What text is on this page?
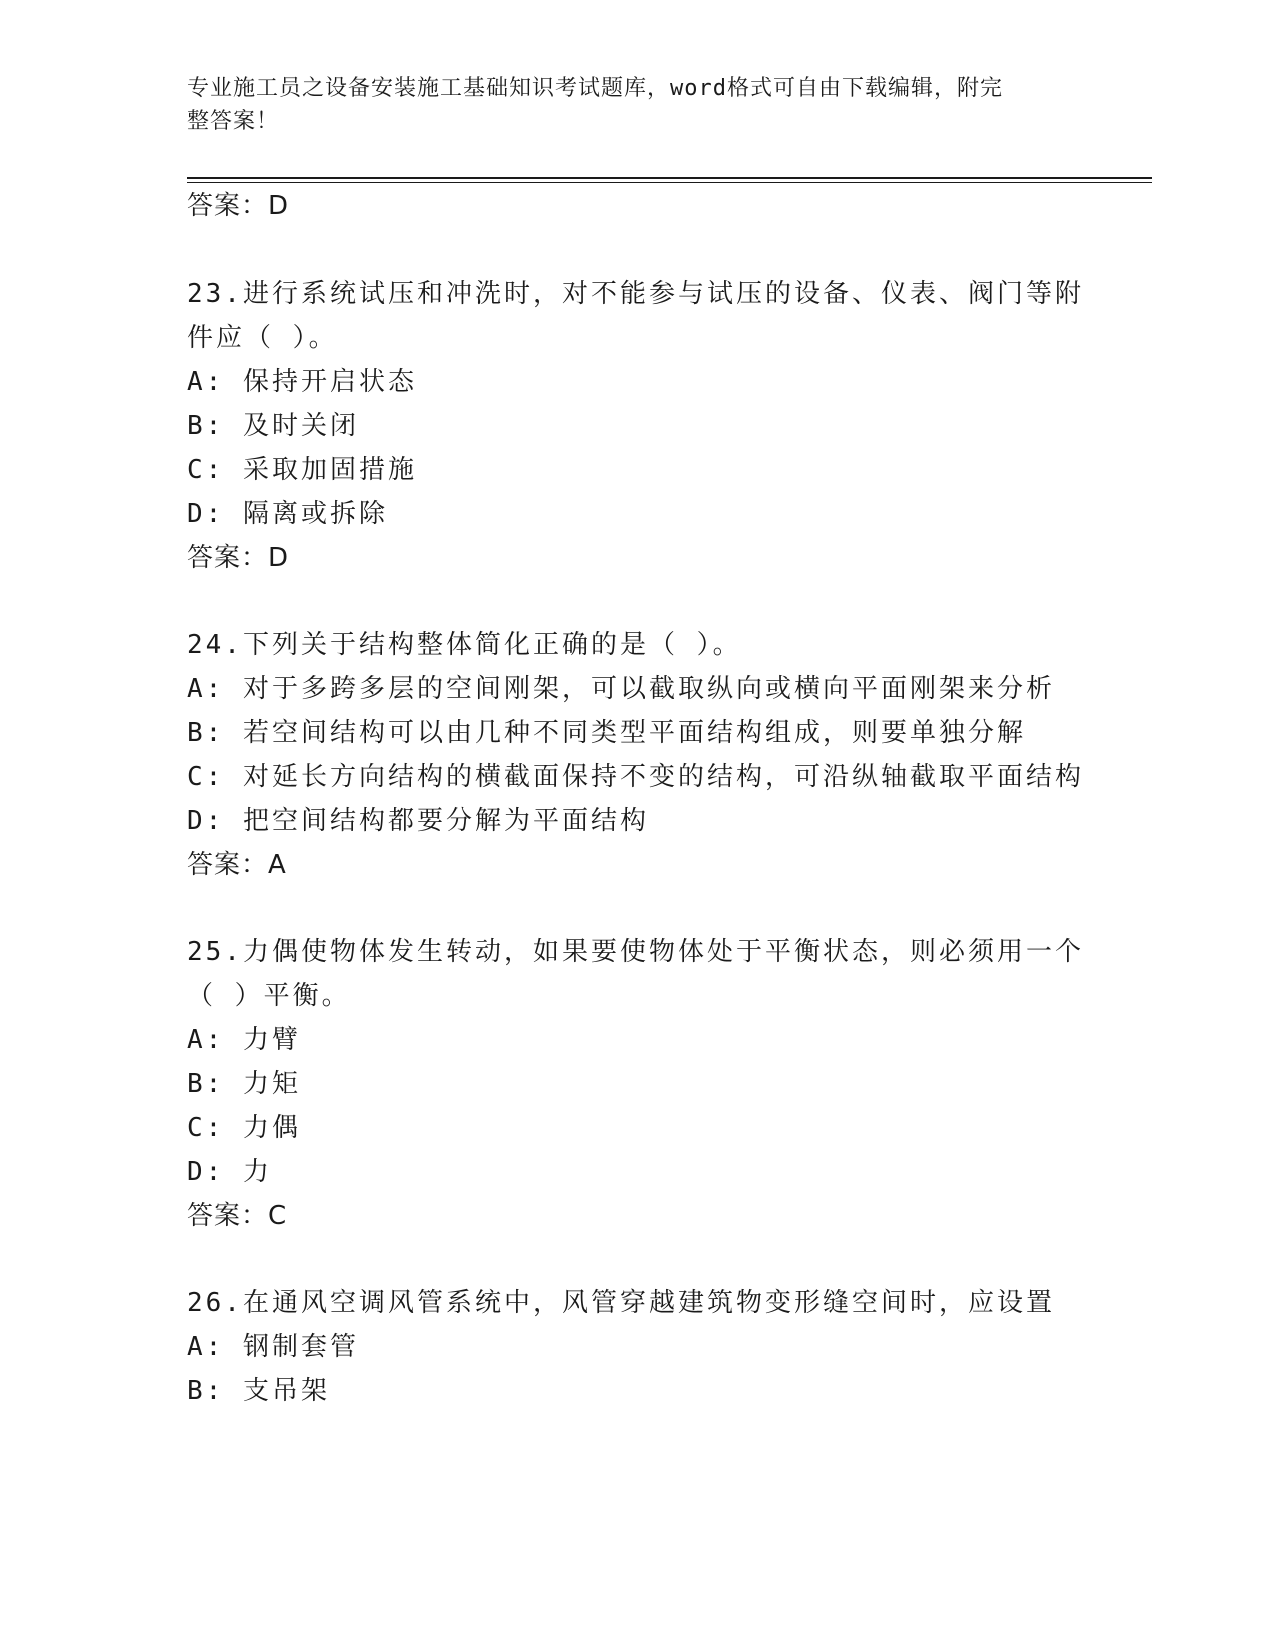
专业施工员之设备安装施工基础知识考试题库，word格式可自由下载编辑，附完
整答案！
答案：D
23.进行系统试压和冲洗时，对不能参与试压的设备、仪表、阀门等附
件应（ ）。
A: 保持开启状态
B: 及时关闭
C: 采取加固措施
D: 隔离或拆除
答案：D
24.下列关于结构整体简化正确的是（ ）。
A: 对于多跨多层的空间刚架，可以截取纵向或横向平面刚架来分析
B: 若空间结构可以由几种不同类型平面结构组成，则要单独分解
C: 对延长方向结构的横截面保持不变的结构，可沿纵轴截取平面结构
D: 把空间结构都要分解为平面结构
答案：A
25.力偶使物体发生转动，如果要使物体处于平衡状态，则必须用一个
（ ）平衡。
A: 力臂
B: 力矩
C: 力偶
D: 力
答案：C
26.在通风空调风管系统中，风管穿越建筑物变形缝空间时，应设置
A: 钢制套管
B: 支吊架
